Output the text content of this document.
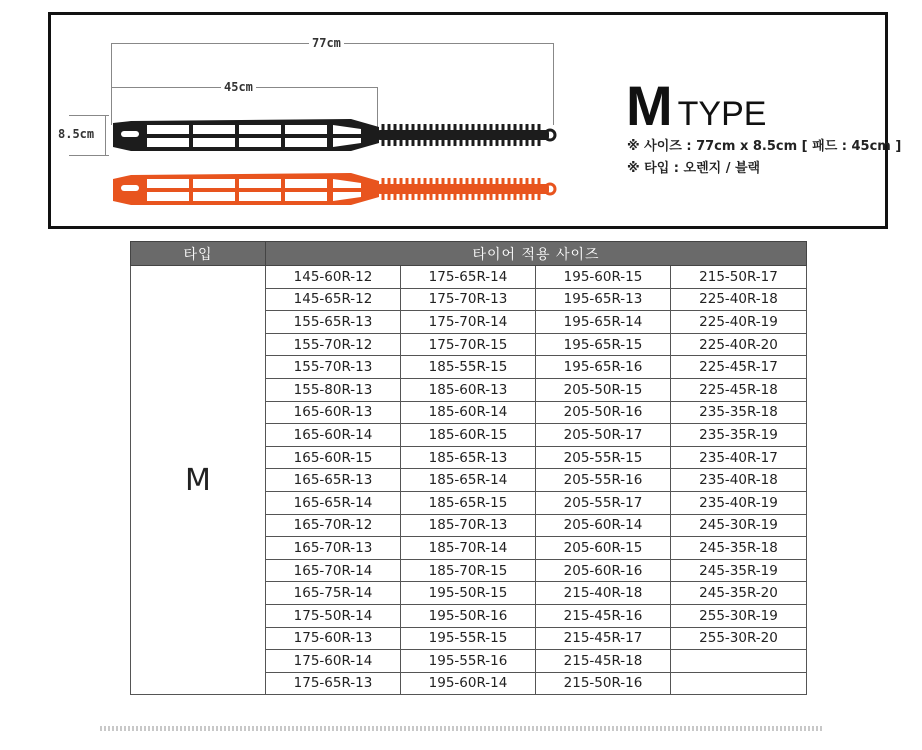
77cm
45cm
8.5cm	MTYPE
※ 사이즈 : 77cm x 8.5cm [ 패드 : 45cm ]
※ 타입 : 오렌지 / 블랙
타입	타이어 적용 사이즈			
M	145-60R-12	175-65R-14	195-60R-15	215-50R-17
	145-65R-12	175-70R-13	195-65R-13	225-40R-18
	155-65R-13	175-70R-14	195-65R-14	225-40R-19
	155-70R-12	175-70R-15	195-65R-15	225-40R-20
	155-70R-13	185-55R-15	195-65R-16	225-45R-17
	155-80R-13	185-60R-13	205-50R-15	225-45R-18
	165-60R-13	185-60R-14	205-50R-16	235-35R-18
	165-60R-14	185-60R-15	205-50R-17	235-35R-19
	165-60R-15	185-65R-13	205-55R-15	235-40R-17
	165-65R-13	185-65R-14	205-55R-16	235-40R-18
	165-65R-14	185-65R-15	205-55R-17	235-40R-19
	165-70R-12	185-70R-13	205-60R-14	245-30R-19
	165-70R-13	185-70R-14	205-60R-15	245-35R-18
	165-70R-14	185-70R-15	205-60R-16	245-35R-19
	165-75R-14	195-50R-15	215-40R-18	245-35R-20
	175-50R-14	195-50R-16	215-45R-16	255-30R-19
	175-60R-13	195-55R-15	215-45R-17	255-30R-20
	175-60R-14	195-55R-16	215-45R-18	
	175-65R-13	195-60R-14	215-50R-16	
